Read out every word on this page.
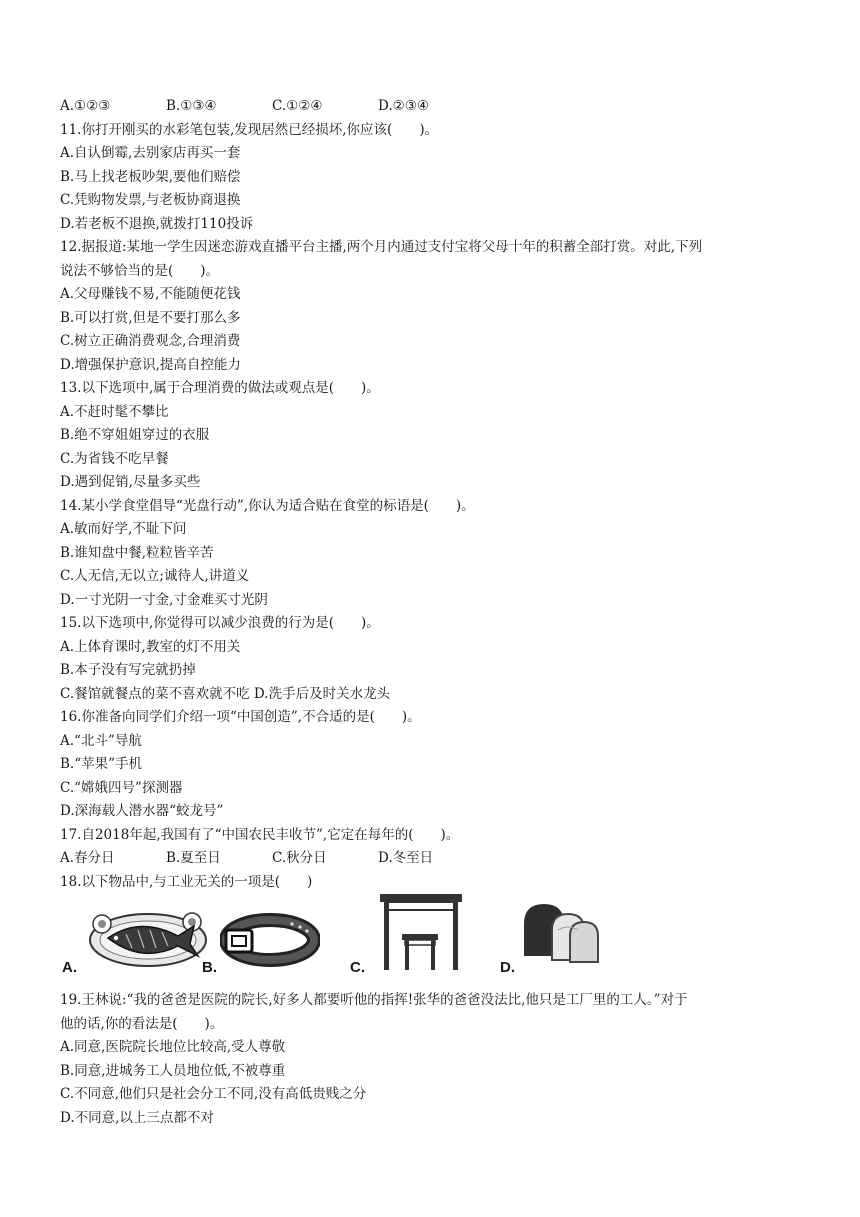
A.①②③	B.①③④	C.①②④	D.②③④
11.你打开刚买的水彩笔包装,发现居然已经损坏,你应该(　　)。
A.自认倒霉,去别家店再买一套
B.马上找老板吵架,要他们赔偿
C.凭购物发票,与老板协商退换
D.若老板不退换,就拨打110投诉
12.据报道:某地一学生因迷恋游戏直播平台主播,两个月内通过支付宝将父母十年的积蓄全部打赏。对此,下列
说法不够恰当的是(　　)。
A.父母赚钱不易,不能随便花钱
B.可以打赏,但是不要打那么多
C.树立正确消费观念,合理消费
D.增强保护意识,提高自控能力
13.以下选项中,属于合理消费的做法或观点是(　　)。
A.不赶时髦不攀比
B.绝不穿姐姐穿过的衣服
C.为省钱不吃早餐
D.遇到促销,尽量多买些
14.某小学食堂倡导“光盘行动”,你认为适合贴在食堂的标语是(　　)。
A.敏而好学,不耻下问
B.谁知盘中餐,粒粒皆辛苦
C.人无信,无以立;诚待人,讲道义
D.一寸光阴一寸金,寸金难买寸光阴
15.以下选项中,你觉得可以减少浪费的行为是(　　)。
A.上体育课时,教室的灯不用关
B.本子没有写完就扔掉
C.餐馆就餐点的菜不喜欢就不吃 D.洗手后及时关水龙头
16.你准备向同学们介绍一项“中国创造”,不合适的是(　　)。
A.“北斗”导航
B.“苹果”手机
C.“嫦娥四号”探测器
D.深海载人潜水器“蛟龙号”
17.自2018年起,我国有了“中国农民丰收节”,它定在每年的(　　)。
A.春分日	B.夏至日	C.秋分日	D.冬至日
18.以下物品中,与工业无关的一项是(　　)
A.	B.	C.	D.
19.王林说:“我的爸爸是医院的院长,好多人都要听他的指挥!张华的爸爸没法比,他只是工厂里的工人。”对于
他的话,你的看法是(　　)。
A.同意,医院院长地位比较高,受人尊敬
B.同意,进城务工人员地位低,不被尊重
C.不同意,他们只是社会分工不同,没有高低贵贱之分
D.不同意,以上三点都不对
